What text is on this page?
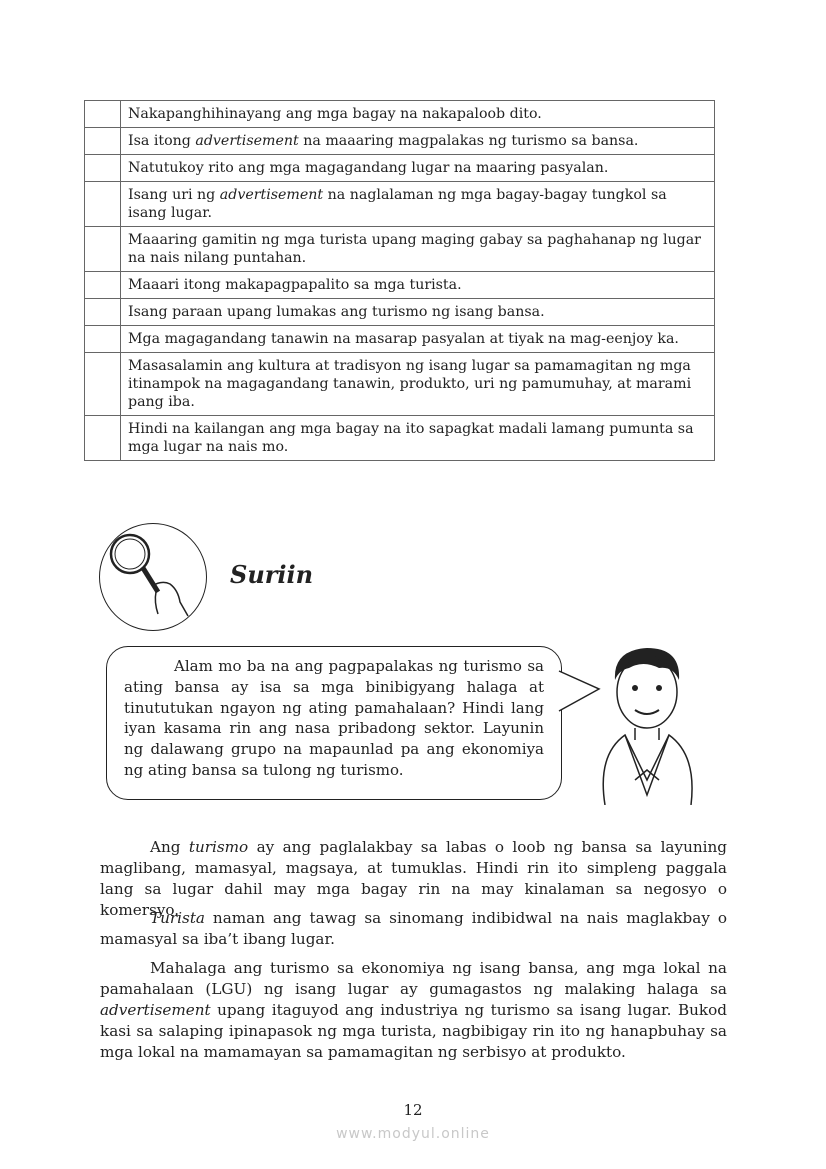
	Nakapanghihinayang ang mga bagay na nakapaloob dito.
	Isa itong advertisement na maaaring magpalakas ng turismo sa bansa.
	Natutukoy rito ang mga magagandang lugar na maaring pasyalan.
	Isang uri ng advertisement na naglalaman ng mga bagay-bagay tungkol sa isang lugar.
	Maaaring gamitin ng mga turista upang maging gabay sa paghahanap ng lugar na nais nilang puntahan.
	Maaari itong makapagpapalito sa mga turista.
	Isang paraan upang lumakas ang turismo ng isang bansa.
	Mga magagandang tanawin na masarap pasyalan at tiyak na mag-eenjoy ka.
	Masasalamin ang kultura at tradisyon ng isang lugar sa pamamagitan ng mga itinampok na magagandang tanawin, produkto, uri ng pamumuhay, at marami pang iba.
	Hindi na kailangan ang mga bagay na ito sapagkat madali lamang pumunta sa mga lugar na nais mo.
Suriin
Alam mo ba na ang pagpapalakas ng turismo sa ating bansa ay isa sa mga binibigyang halaga at tinututukan ngayon ng ating pamahalaan? Hindi lang iyan kasama rin ang nasa pribadong sektor. Layunin ng dalawang grupo na mapaunlad pa ang ekonomiya ng ating bansa sa tulong ng turismo.

Ang turismo ay ang paglalakbay sa labas o loob ng bansa sa layuning maglibang, mamasyal, magsaya, at tumuklas. Hindi rin ito simpleng paggala lang sa lugar dahil may mga bagay rin na may kinalaman sa negosyo o komersyo.

Turista naman ang tawag sa sinomang indibidwal na nais maglakbay o mamasyal sa iba’t ibang lugar.

Mahalaga ang turismo sa ekonomiya ng isang bansa, ang mga lokal na pamahalaan (LGU) ng isang lugar ay gumagastos ng malaking halaga sa advertisement upang itaguyod ang industriya ng turismo sa isang lugar. Bukod kasi sa salaping ipinapasok ng mga turista, nagbibigay rin ito ng hanapbuhay sa mga lokal na mamamayan sa pamamagitan ng serbisyo at produkto.

12
www.modyul.online
